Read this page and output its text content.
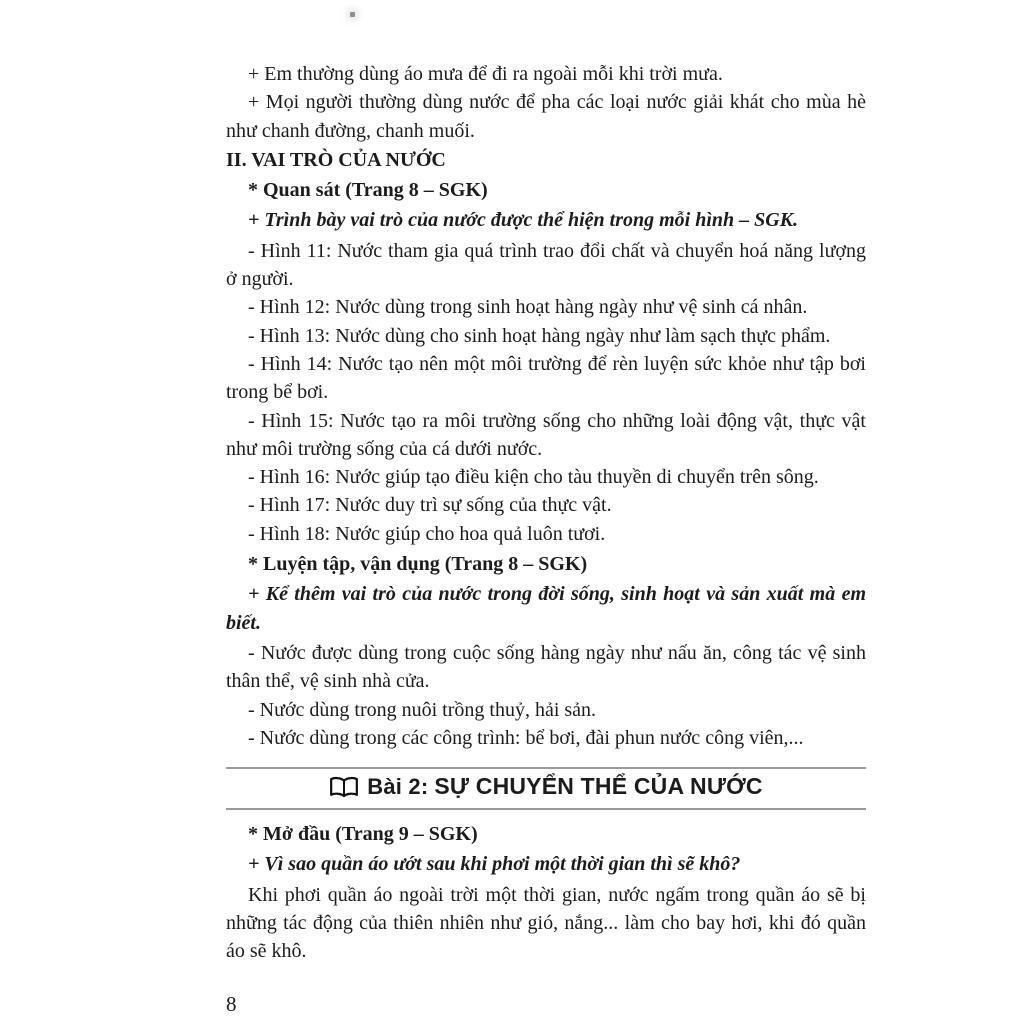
+ Em thường dùng áo mưa để đi ra ngoài mỗi khi trời mưa.

+ Mọi người thường dùng nước để pha các loại nước giải khát cho mùa hè như chanh đường, chanh muối.

II. VAI TRÒ CỦA NƯỚC

* Quan sát (Trang 8 – SGK)

+ Trình bày vai trò của nước được thể hiện trong mỗi hình – SGK.

- Hình 11: Nước tham gia quá trình trao đổi chất và chuyển hoá năng lượng ở người.

- Hình 12: Nước dùng trong sinh hoạt hàng ngày như vệ sinh cá nhân.

- Hình 13: Nước dùng cho sinh hoạt hàng ngày như làm sạch thực phẩm.

- Hình 14: Nước tạo nên một môi trường để rèn luyện sức khỏe như tập bơi trong bể bơi.

- Hình 15: Nước tạo ra môi trường sống cho những loài động vật, thực vật như môi trường sống của cá dưới nước.

- Hình 16: Nước giúp tạo điều kiện cho tàu thuyền di chuyển trên sông.

- Hình 17: Nước duy trì sự sống của thực vật.

- Hình 18: Nước giúp cho hoa quả luôn tươi.

* Luyện tập, vận dụng (Trang 8 – SGK)

+ Kể thêm vai trò của nước trong đời sống, sinh hoạt và sản xuất mà em biết.

- Nước được dùng trong cuộc sống hàng ngày như nấu ăn, công tác vệ sinh thân thể, vệ sinh nhà cửa.

- Nước dùng trong nuôi trồng thuỷ, hải sản.

- Nước dùng trong các công trình: bể bơi, đài phun nước công viên,...

Bài 2: SỰ CHUYỂN THỂ CỦA NƯỚC

* Mở đầu (Trang 9 – SGK)

+ Vì sao quần áo ướt sau khi phơi một thời gian thì sẽ khô?

Khi phơi quần áo ngoài trời một thời gian, nước ngấm trong quần áo sẽ bị những tác động của thiên nhiên như gió, nắng... làm cho bay hơi, khi đó quần áo sẽ khô.

8
